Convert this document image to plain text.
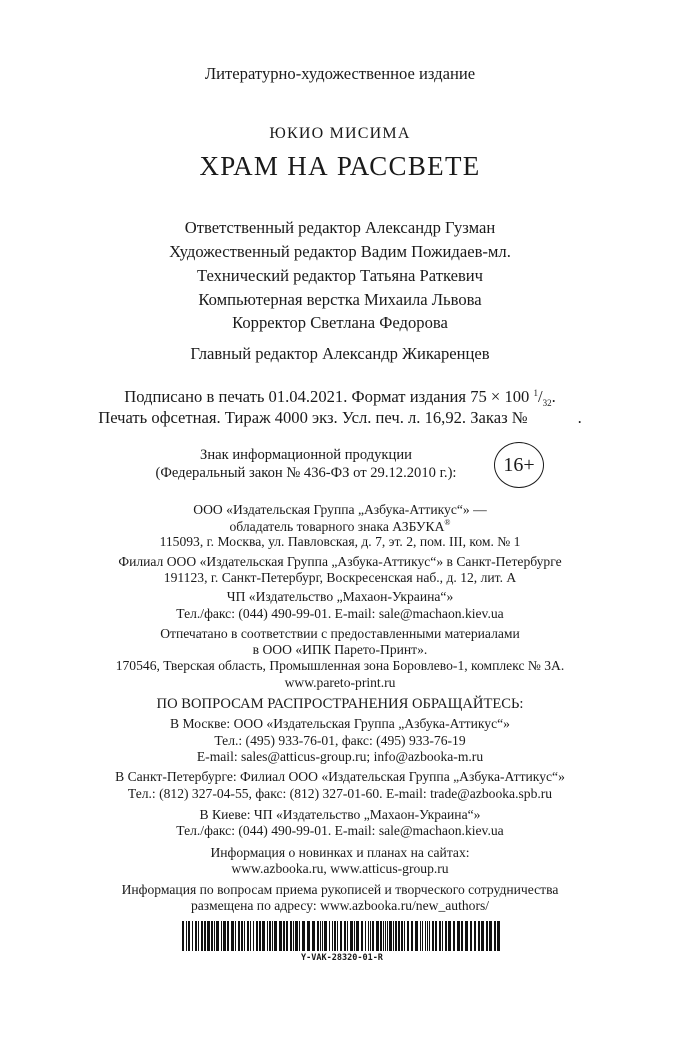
Литературно-художественное издание
ЮКИО МИСИМА
ХРАМ НА РАССВЕТЕ
Ответственный редактор Александр Гузман
Художественный редактор Вадим Пожидаев-мл.
Технический редактор Татьяна Раткевич
Компьютерная верстка Михаила Львова
Корректор Светлана Федорова
Главный редактор Александр Жикаренцев
Подписано в печать 01.04.2021. Формат издания 75 × 100 $^1/_{32}$.
Печать офсетная. Тираж 4000 экз. Усл. печ. л. 16,92. Заказ №	.
Знак информационной продукции
(Федеральный закон № 436-ФЗ от 29.12.2010 г.):	16+
ООО «Издательская Группа „Азбука-Аттикус“» —
обладатель товарного знака АЗБУКА®
115093, г. Москва, ул. Павловская, д. 7, эт. 2, пом. III, ком. № 1
Филиал ООО «Издательская Группа „Азбука-Аттикус“» в Санкт-Петербурге
191123, г. Санкт-Петербург, Воскресенская наб., д. 12, лит. А
ЧП «Издательство „Махаон-Украина“»
Тел./факс: (044) 490-99-01. E-mail: sale@machaon.kiev.ua
Отпечатано в соответствии с предоставленными материалами
в ООО «ИПК Парето-Принт».
170546, Тверская область, Промышленная зона Боровлево-1, комплекс № 3А.
www.pareto-print.ru
ПО ВОПРОСАМ РАСПРОСТРАНЕНИЯ ОБРАЩАЙТЕСЬ:
В Москве: ООО «Издательская Группа „Азбука-Аттикус“»
Тел.: (495) 933-76-01, факс: (495) 933-76-19
E-mail: sales@atticus-group.ru; info@azbooka-m.ru
В Санкт-Петербурге: Филиал ООО «Издательская Группа „Азбука-Аттикус“»
Тел.: (812) 327-04-55, факс: (812) 327-01-60. E-mail: trade@azbooka.spb.ru
В Киеве: ЧП «Издательство „Махаон-Украина“»
Тел./факс: (044) 490-99-01. E-mail: sale@machaon.kiev.ua
Информация о новинках и планах на сайтах:
www.azbooka.ru, www.atticus-group.ru
Информация по вопросам приема рукописей и творческого сотрудничества
размещена по адресу: www.azbooka.ru/new_authors/
Y-VAK-28320-01-R
